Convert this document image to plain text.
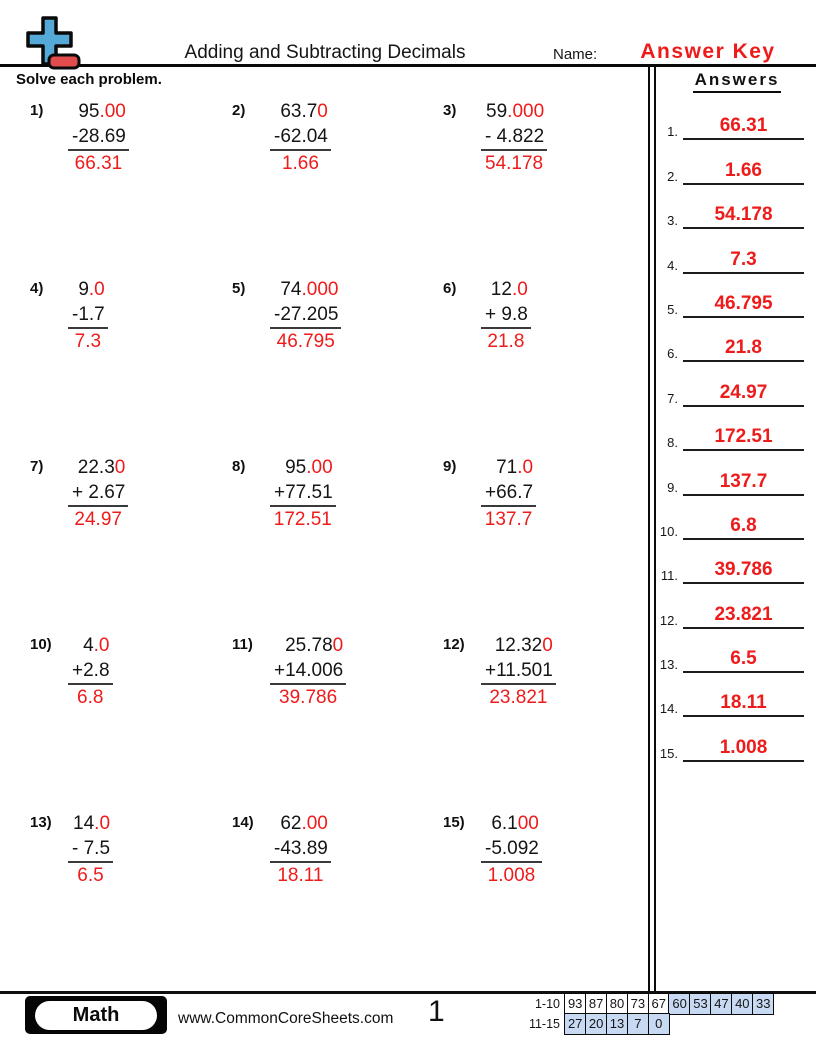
Adding and Subtracting Decimals	Name:	Answer Key
Solve each problem.	Answers
1.	66.31
2.	1.66
3.	54.178
4.	7.3
5.	46.795
6.	21.8
7.	24.97
8.	172.51
9.	137.7
10.	6.8
11.	39.786
12.	23.821
13.	6.5
14.	18.11
15.	1.008
1)	95.00
-28.69
66.31
2)	63.70
-62.04
1.66
3)	59.000
- 4.822
54.178
4)	9.0
-1.7
7.3
5)	74.000
-27.205
46.795
6)	12.0
+ 9.8
21.8
7)	22.30
+ 2.67
24.97
8)	95.00
+77.51
172.51
9)	71.0
+66.7
137.7
10)	4.0
+2.8
6.8
11)	25.780
+14.006
39.786
12)	12.320
+11.501
23.821
13)	14.0
- 7.5
6.5
14)	62.00
-43.89
18.11
15)	6.100
-5.092
1.008
Math	www.CommonCoreSheets.com 1	1-10 93 87 80 73 67 60 53 47 40 33
11-15 27 20 13 7	0
